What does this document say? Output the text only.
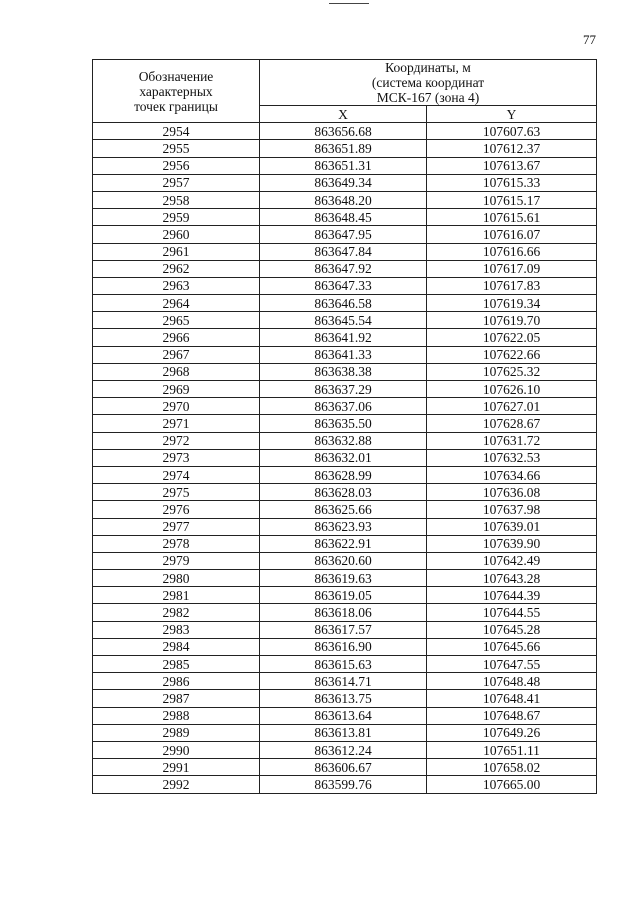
77
Обозначение
характерных
точек границы	Координаты, м
(система координат
МСК-167 (зона 4)	

	X	Y
2954	863656.68	107607.63
2955	863651.89	107612.37
2956	863651.31	107613.67
2957	863649.34	107615.33
2958	863648.20	107615.17
2959	863648.45	107615.61
2960	863647.95	107616.07
2961	863647.84	107616.66
2962	863647.92	107617.09
2963	863647.33	107617.83
2964	863646.58	107619.34
2965	863645.54	107619.70
2966	863641.92	107622.05
2967	863641.33	107622.66
2968	863638.38	107625.32
2969	863637.29	107626.10
2970	863637.06	107627.01
2971	863635.50	107628.67
2972	863632.88	107631.72
2973	863632.01	107632.53
2974	863628.99	107634.66
2975	863628.03	107636.08
2976	863625.66	107637.98
2977	863623.93	107639.01
2978	863622.91	107639.90
2979	863620.60	107642.49
2980	863619.63	107643.28
2981	863619.05	107644.39
2982	863618.06	107644.55
2983	863617.57	107645.28
2984	863616.90	107645.66
2985	863615.63	107647.55
2986	863614.71	107648.48
2987	863613.75	107648.41
2988	863613.64	107648.67
2989	863613.81	107649.26
2990	863612.24	107651.11
2991	863606.67	107658.02
2992	863599.76	107665.00
